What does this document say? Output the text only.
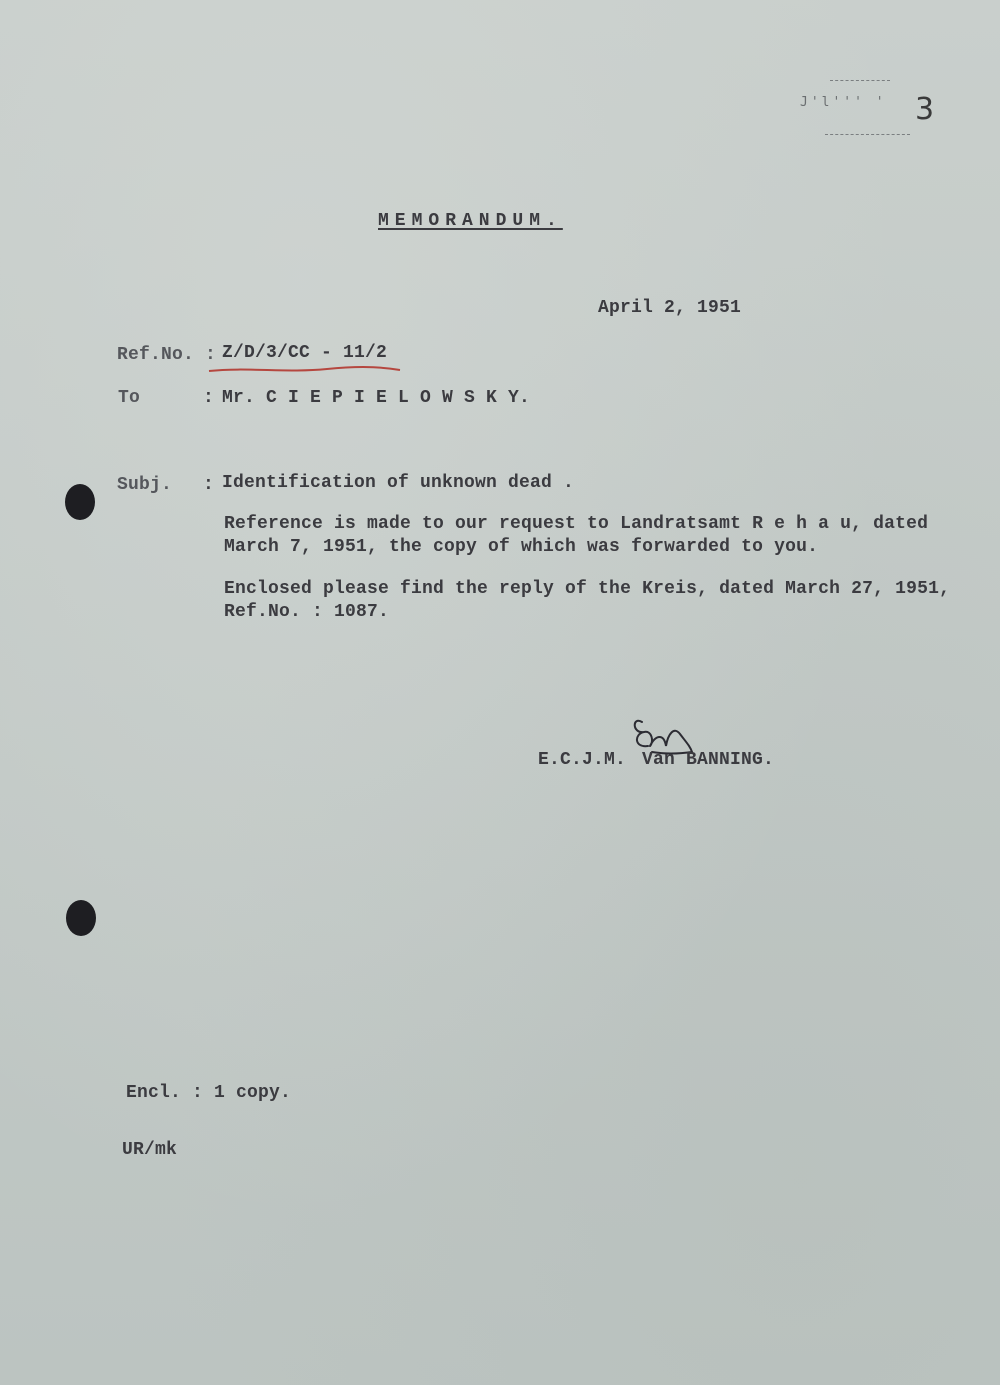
J'l''' ' 3
MEMORANDUM.
April 2, 1951
Ref.No. : Z/D/3/CC - 11/2
To	: Mr. C I E P I E L O W S K Y.
Subj. : Identification of unknown dead .
Reference is made to our request to Landratsamt R e h a u, dated
March 7, 1951, the copy of which was forwarded to you.
Enclosed please find the reply of the Kreis, dated March 27, 1951,
Ref.No. : 1087.
E.C.J.M. Van BANNING.
Encl. : 1 copy.
UR/mk
